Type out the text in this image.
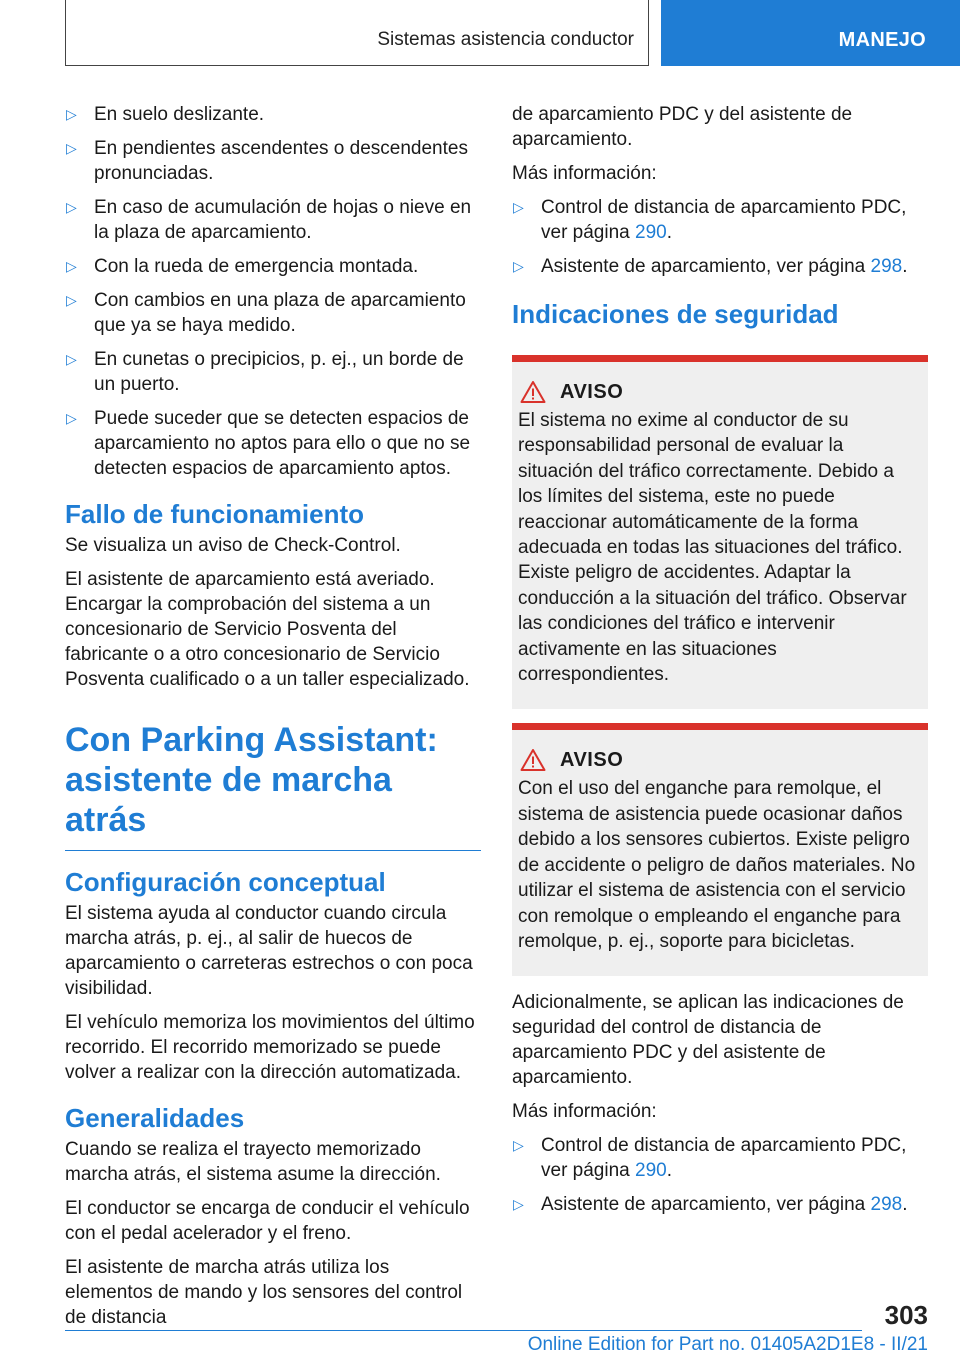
Sistemas asistencia conductor	MANEJO
▷ En suelo deslizante.
▷ En pendientes ascendentes o descendentes pronunciadas.
▷ En caso de acumulación de hojas o nieve en la plaza de aparcamiento.
▷ Con la rueda de emergencia montada.
▷ Con cambios en una plaza de aparcamiento que ya se haya medido.
▷ En cunetas o precipicios, p. ej., un borde de un puerto.
▷ Puede suceder que se detecten espacios de aparcamiento no aptos para ello o que no se detecten espacios de aparcamiento aptos.
Fallo de funcionamiento

Se visualiza un aviso de Check-Control.

El asistente de aparcamiento está averiado. Encargar la comprobación del sistema a un concesionario de Servicio Posventa del fabricante o a otro concesionario de Servicio Posventa cualificado o a un taller especializado.

Con Parking Assistant: asistente de marcha atrás
Configuración conceptual

El sistema ayuda al conductor cuando circula marcha atrás, p. ej., al salir de huecos de aparcamiento o carreteras estrechos o con poca visibilidad.

El vehículo memoriza los movimientos del último recorrido. El recorrido memorizado se puede volver a realizar con la dirección automatizada.

Generalidades

Cuando se realiza el trayecto memorizado marcha atrás, el sistema asume la dirección.

El conductor se encarga de conducir el vehículo con el pedal acelerador y el freno.

El asistente de marcha atrás utiliza los elementos de mando y los sensores del control de distancia

de aparcamiento PDC y del asistente de aparcamiento.

Más información:

▷ Control de distancia de aparcamiento PDC, ver página 290.
▷ Asistente de aparcamiento, ver página 298.
Indicaciones de seguridad
AVISO

El sistema no exime al conductor de su responsabilidad personal de evaluar la situación del tráfico correctamente. Debido a los límites del sistema, este no puede reaccionar automáticamente de la forma adecuada en todas las situaciones del tráfico. Existe peligro de accidentes. Adaptar la conducción a la situación del tráfico. Observar las condiciones del tráfico e intervenir activamente en las situaciones correspondientes.

AVISO

Con el uso del enganche para remolque, el sistema de asistencia puede ocasionar daños debido a los sensores cubiertos. Existe peligro de accidente o peligro de daños materiales. No utilizar el sistema de asistencia con el servicio con remolque o empleando el enganche para remolque, p. ej., soporte para bicicletas.

Adicionalmente, se aplican las indicaciones de seguridad del control de distancia de aparcamiento PDC y del asistente de aparcamiento.

Más información:

▷ Control de distancia de aparcamiento PDC, ver página 290.
▷ Asistente de aparcamiento, ver página 298.
303
Online Edition for Part no. 01405A2D1E8 - II/21
